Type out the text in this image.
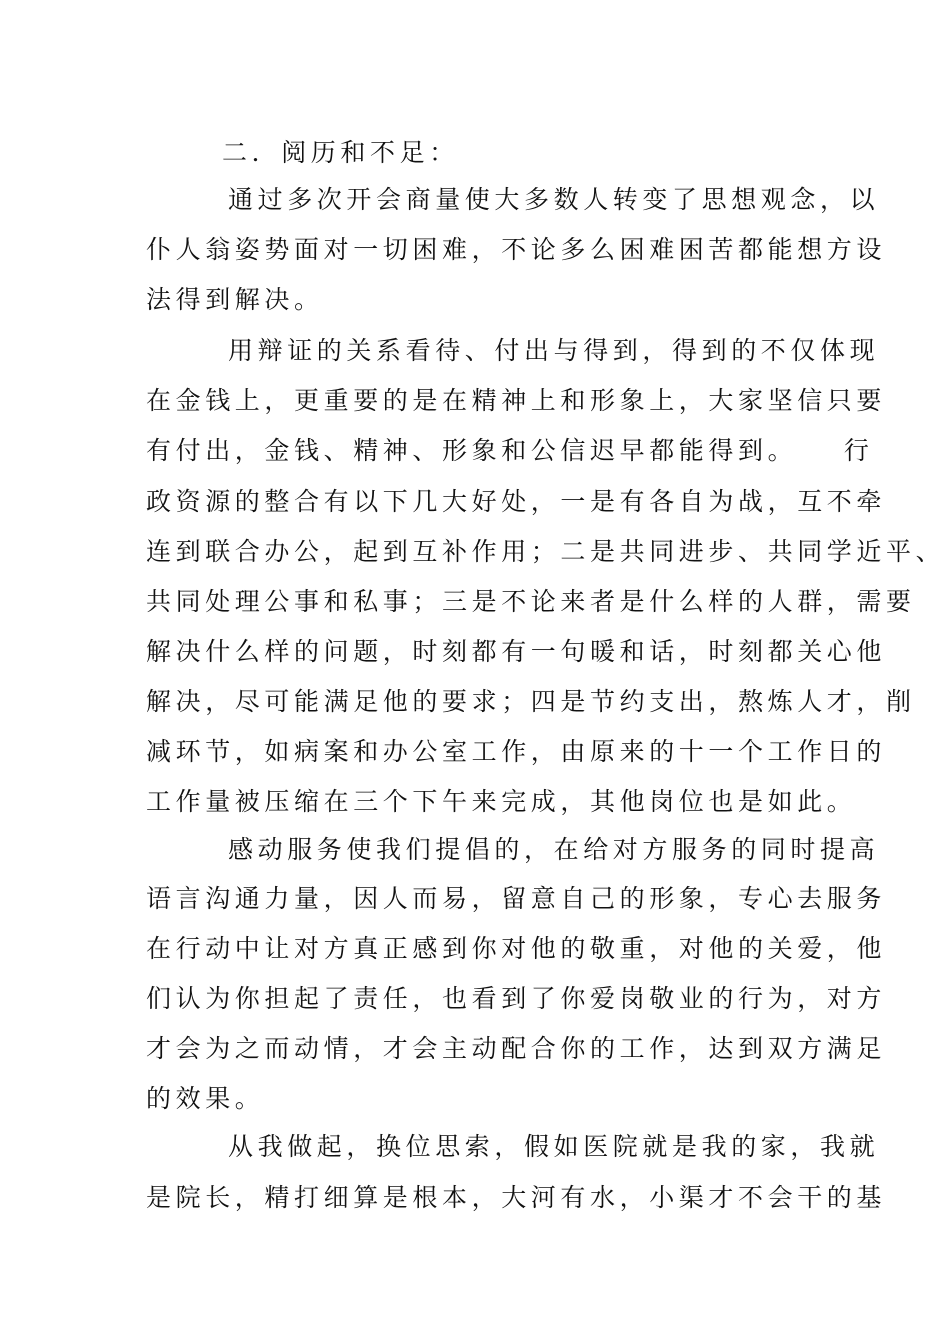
二．阅历和不足：
通过多次开会商量使大多数人转变了思想观念，以
仆人翁姿势面对一切困难，不论多么困难困苦都能想方设
法得到解决。
用辩证的关系看待、付出与得到，得到的不仅体现
在金钱上，更重要的是在精神上和形象上，大家坚信只要
有付出，金钱、精神、形象和公信迟早都能得到。　　行
政资源的整合有以下几大好处，一是有各自为战，互不牵
连到联合办公，起到互补作用；二是共同进步、共同学近平、
共同处理公事和私事；三是不论来者是什么样的人群，需要
解决什么样的问题，时刻都有一句暖和话，时刻都关心他
解决，尽可能满足他的要求；四是节约支出，熬炼人才，削
减环节，如病案和办公室工作，由原来的十一个工作日的
工作量被压缩在三个下午来完成，其他岗位也是如此。
感动服务使我们提倡的，在给对方服务的同时提高
语言沟通力量，因人而易，留意自己的形象，专心去服务
在行动中让对方真正感到你对他的敬重，对他的关爱，他
们认为你担起了责任，也看到了你爱岗敬业的行为，对方
才会为之而动情，才会主动配合你的工作，达到双方满足
的效果。
从我做起，换位思索，假如医院就是我的家，我就
是院长，精打细算是根本，大河有水，小渠才不会干的基
